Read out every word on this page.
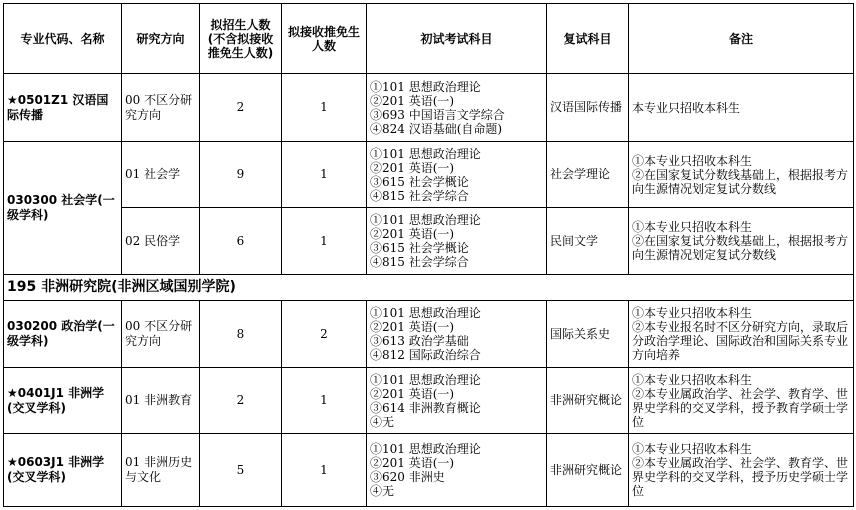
专业代码、名称	研究方向	拟招生人数(不含拟接收推免生人数)	拟接收推免生人数	初试考试科目	复试科目	备注
★0501Z1 汉语国际传播	00 不区分研究方向	2	1	①101 思想政治理论
②201 英语(一)
③693 中国语言文学综合
④824 汉语基础(自命题)	汉语国际传播	本专业只招收本科生

030300 社会学(一级学科)	01 社会学	9	1	①101 思想政治理论
②201 英语(一)
③615 社会学概论
④815 社会学综合	社会学理论	①本专业只招收本科生
②在国家复试分数线基础上，根据报考方向生源情况划定复试分数线

	02 民俗学	6	1	①101 思想政治理论
②201 英语(一)
③615 社会学概论
④815 社会学综合	民间文学	①本专业只招收本科生
②在国家复试分数线基础上，根据报考方向生源情况划定复试分数线

195 非洲研究院(非洲区域国别学院)						
030200 政治学(一级学科)	00 不区分研究方向	8	2	①101 思想政治理论
②201 英语(一)
③613 政治学基础
④812 国际政治综合	国际关系史	①本专业只招收本科生
②本专业报名时不区分研究方向，录取后分政治学理论、国际政治和国际关系专业方向培养

★0401J1 非洲学(交叉学科)	01 非洲教育	2	1	①101 思想政治理论
②201 英语(一)
③614 非洲教育概论
④无	非洲研究概论	①本专业只招收本科生
②本专业属政治学、社会学、教育学、世界史学科的交叉学科，授予教育学硕士学位

★0603J1 非洲学(交叉学科)	01 非洲历史与文化	5	1	①101 思想政治理论
②201 英语(一)
③620 非洲史
④无	非洲研究概论	①本专业只招收本科生
②本专业属政治学、社会学、教育学、世界史学科的交叉学科，授予历史学硕士学位
